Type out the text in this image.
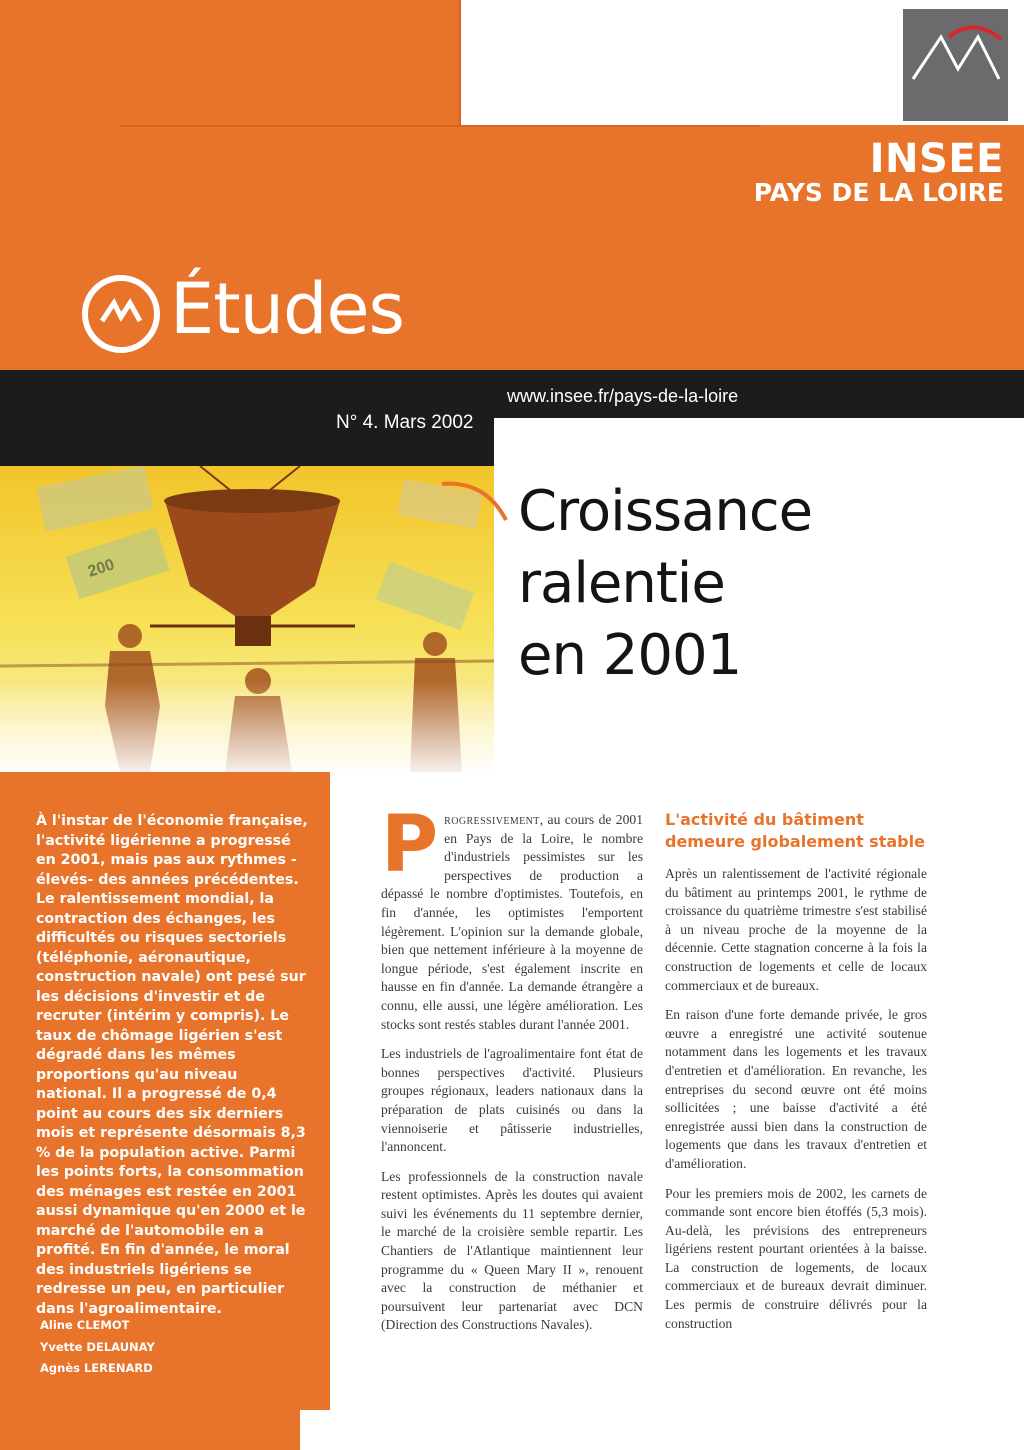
INSEE
PAYS DE LA LOIRE
Études
www.insee.fr/pays-de-la-loire
N° 4. Mars 2002
200
Croissance
ralentie
en 2001
À l'instar de l'économie française, l'activité ligérienne a progressé en 2001, mais pas aux rythmes - élevés- des années précédentes. Le ralentissement mondial, la contraction des échanges, les difficultés ou risques sectoriels (téléphonie, aéronautique, construction navale) ont pesé sur les décisions d'investir et de recruter (intérim y compris). Le taux de chômage ligérien s'est dégradé dans les mêmes proportions qu'au niveau national. Il a progressé de 0,4 point au cours des six derniers mois et représente désormais 8,3 % de la population active. Parmi les points forts, la consommation des ménages est restée en 2001 aussi dynamique qu'en 2000 et le marché de l'automobile en a profité. En fin d'année, le moral des industriels ligériens se redresse un peu, en particulier dans l'agroalimentaire.
Aline CLEMOT
Yvette DELAUNAY
Agnès LERENARD

Progressivement, au cours de 2001 en Pays de la Loire, le nombre d'industriels pessimistes sur les perspectives de production a dépassé le nombre d'optimistes. Toutefois, en fin d'année, les optimistes l'emportent légèrement. L'opinion sur la demande globale, bien que nettement inférieure à la moyenne de longue période, s'est également inscrite en hausse en fin d'année. La demande étrangère a connu, elle aussi, une légère amélioration. Les stocks sont restés stables durant l'année 2001.

Les industriels de l'agroalimentaire font état de bonnes perspectives d'activité. Plusieurs groupes régionaux, leaders nationaux dans la préparation de plats cuisinés ou dans la viennoiserie et pâtisserie industrielles, l'annoncent.

Les professionnels de la construction navale restent optimistes. Après les doutes qui avaient suivi les événements du 11 septembre dernier, le marché de la croisière semble repartir. Les Chantiers de l'Atlantique maintiennent leur programme du « Queen Mary II », renouent avec la construction de méthanier et poursuivent leur partenariat avec DCN (Direction des Constructions Navales).

L'activité du bâtiment demeure globalement stable

Après un ralentissement de l'activité régionale du bâtiment au printemps 2001, le rythme de croissance du quatrième trimestre s'est stabilisé à un niveau proche de la moyenne de la décennie. Cette stagnation concerne à la fois la construction de logements et celle de locaux commerciaux et de bureaux.

En raison d'une forte demande privée, le gros œuvre a enregistré une activité soutenue notamment dans les logements et les travaux d'entretien et d'amélioration. En revanche, les entreprises du second œuvre ont été moins sollicitées ; une baisse d'activité a été enregistrée aussi bien dans la construction de logements que dans les travaux d'entretien et d'amélioration.

Pour les premiers mois de 2002, les carnets de commande sont encore bien étoffés (5,3 mois). Au-delà, les prévisions des entrepreneurs ligériens restent pourtant orientées à la baisse. La construction de logements, de locaux commerciaux et de bureaux devrait diminuer. Les permis de construire délivrés pour la construction
